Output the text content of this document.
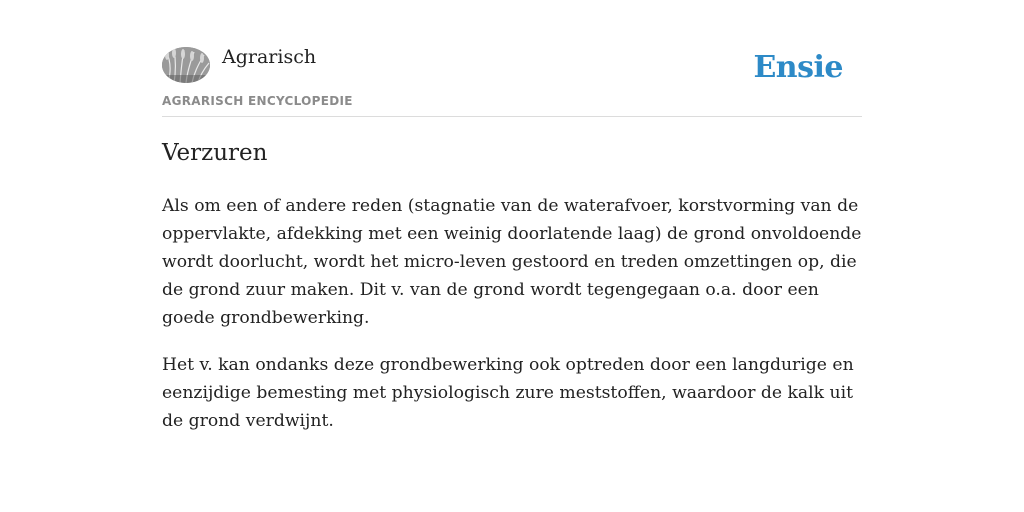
Agrarisch
AGRARISCH ENCYCLOPEDIE
Ensie
Verzuren

Als om een of andere reden (stagnatie van de waterafvoer, korstvorming van de oppervlakte, afdekking met een weinig doorlatende laag) de grond onvoldoende wordt doorlucht, wordt het micro-leven gestoord en treden omzettingen op, die de grond zuur maken. Dit v. van de grond wordt tegengegaan o.a. door een goede grondbewerking.

Het v. kan ondanks deze grondbewerking ook optreden door een langdurige en eenzijdige bemesting met physiologisch zure meststoffen, waardoor de kalk uit de grond verdwijnt.
